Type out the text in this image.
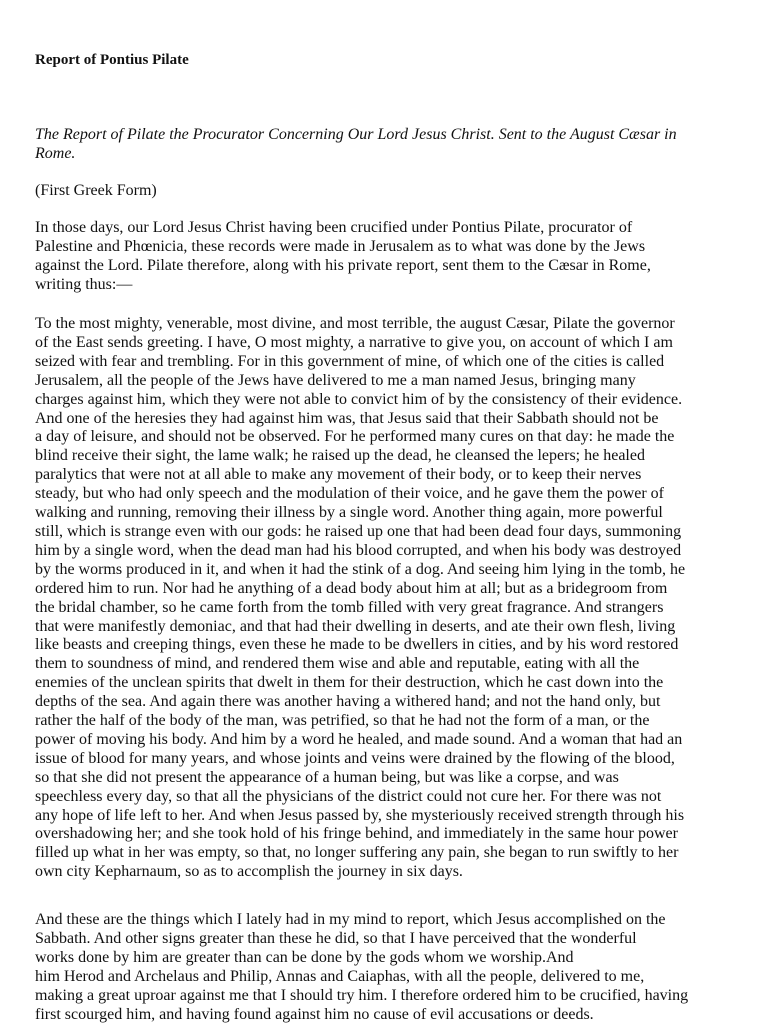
Report of Pontius Pilate

The Report of Pilate the Procurator Concerning Our Lord Jesus Christ. Sent to the August Cæsar in
Rome.

(First Greek Form)

In those days, our Lord Jesus Christ having been crucified under Pontius Pilate, procurator of
Palestine and Phœnicia, these records were made in Jerusalem as to what was done by the Jews
against the Lord. Pilate therefore, along with his private report, sent them to the Cæsar in Rome,
writing thus:—

To the most mighty, venerable, most divine, and most terrible, the august Cæsar, Pilate the governor
of the East sends greeting. I have, O most mighty, a narrative to give you, on account of which I am
seized with fear and trembling. For in this government of mine, of which one of the cities is called
Jerusalem, all the people of the Jews have delivered to me a man named Jesus, bringing many
charges against him, which they were not able to convict him of by the consistency of their evidence.
And one of the heresies they had against him was, that Jesus said that their Sabbath should not be
a day of leisure, and should not be observed. For he performed many cures on that day: he made the
blind receive their sight, the lame walk; he raised up the dead, he cleansed the lepers; he healed
paralytics that were not at all able to make any movement of their body, or to keep their nerves
steady, but who had only speech and the modulation of their voice, and he gave them the power of
walking and running, removing their illness by a single word. Another thing again, more powerful
still, which is strange even with our gods: he raised up one that had been dead four days, summoning
him by a single word, when the dead man had his blood corrupted, and when his body was destroyed
by the worms produced in it, and when it had the stink of a dog. And seeing him lying in the tomb, he
ordered him to run. Nor had he anything of a dead body about him at all; but as a bridegroom from
the bridal chamber, so he came forth from the tomb filled with very great fragrance. And strangers
that were manifestly demoniac, and that had their dwelling in deserts, and ate their own flesh, living
like beasts and creeping things, even these he made to be dwellers in cities, and by his word restored
them to soundness of mind, and rendered them wise and able and reputable, eating with all the
enemies of the unclean spirits that dwelt in them for their destruction, which he cast down into the
depths of the sea. And again there was another having a withered hand; and not the hand only, but
rather the half of the body of the man, was petrified, so that he had not the form of a man, or the
power of moving his body. And him by a word he healed, and made sound. And a woman that had an
issue of blood for many years, and whose joints and veins were drained by the flowing of the blood,
so that she did not present the appearance of a human being, but was like a corpse, and was
speechless every day, so that all the physicians of the district could not cure her. For there was not
any hope of life left to her. And when Jesus passed by, she mysteriously received strength through his
overshadowing her; and she took hold of his fringe behind, and immediately in the same hour power
filled up what in her was empty, so that, no longer suffering any pain, she began to run swiftly to her
own city Kepharnaum, so as to accomplish the journey in six days.

And these are the things which I lately had in my mind to report, which Jesus accomplished on the
Sabbath. And other signs greater than these he did, so that I have perceived that the wonderful
works done by him are greater than can be done by the gods whom we worship.And
him Herod and Archelaus and Philip, Annas and Caiaphas, with all the people, delivered to me,
making a great uproar against me that I should try him. I therefore ordered him to be crucified, having
first scourged him, and having found against him no cause of evil accusations or deeds.
